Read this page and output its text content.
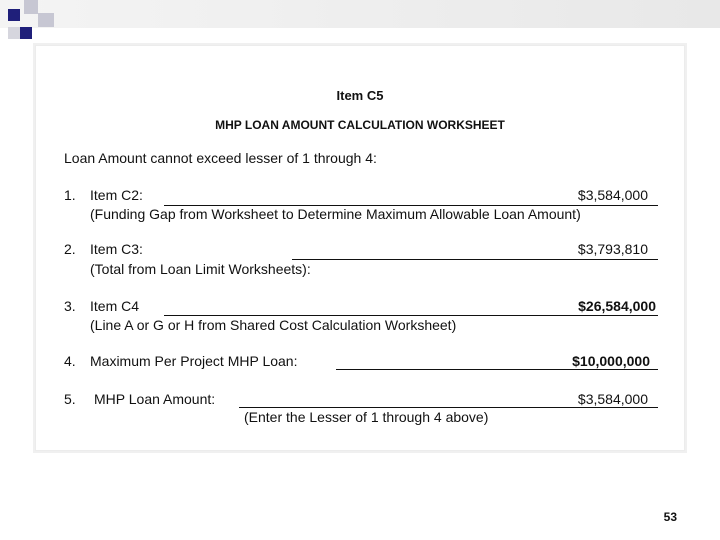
Item C5
MHP LOAN AMOUNT CALCULATION WORKSHEET
Loan Amount cannot exceed lesser of 1 through 4:
1. Item C2:	$3,584,000
(Funding Gap from Worksheet to Determine Maximum Allowable Loan Amount)
2. Item C3:	$3,793,810
(Total from Loan Limit Worksheets):
3. Item C4	$26,584,000
(Line A or G or H from Shared Cost Calculation Worksheet)
4. Maximum Per Project MHP Loan:	$10,000,000
5. MHP Loan Amount:	$3,584,000
(Enter the Lesser of 1 through 4 above)
53
